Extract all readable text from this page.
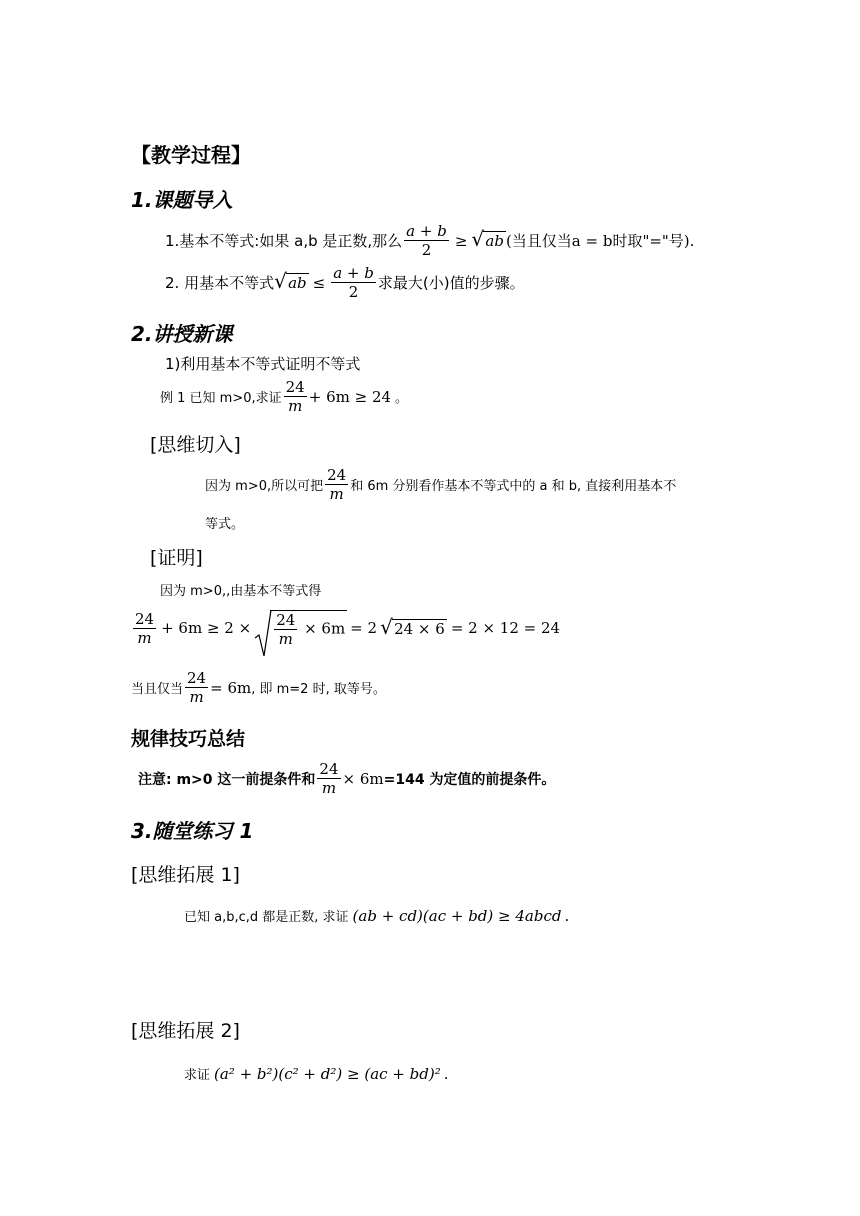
【教学过程】
1.课题导入
1.基本不等式:如果 a,b 是正数,那么 $\frac{a + b}{2}$ ≥ √ ab (当且仅当a = b时取"="号).
2. 用基本不等式 √ ab ≤ $\frac{a + b}{2}$ 求最大(小)值的步骤。
2.讲授新课
1)利用基本不等式证明不等式
例 1 已知 m>0,求证 $\frac{24}{m} + 6m \ge 24$ 。
[思维切入]
因为 m>0,所以可把 $\frac{24}{m}$ 和 6m 分别看作基本不等式中的 a 和 b, 直接利用基本不
等式。
[证明]
因为 m>0,,由基本不等式得
$\frac{24}{m} + 6m \ge 2 \times \frac{24}{m} \times 6m = 2$ √ 24 × 6 = 2 × 12 = 24
当且仅当 $\frac{24}{m} = 6m$ , 即 m=2 时, 取等号。
规律技巧总结
注意: m>0 这一前提条件和 $\frac{24}{m} \times 6m =144$ 为定值的前提条件。
3.随堂练习 1
[思维拓展 1]
已知 a,b,c,d 都是正数, 求证 (ab + cd)(ac + bd) ≥ 4abcd .
[思维拓展 2]
求证 (a² + b²)(c² + d²) ≥ (ac + bd)² .
